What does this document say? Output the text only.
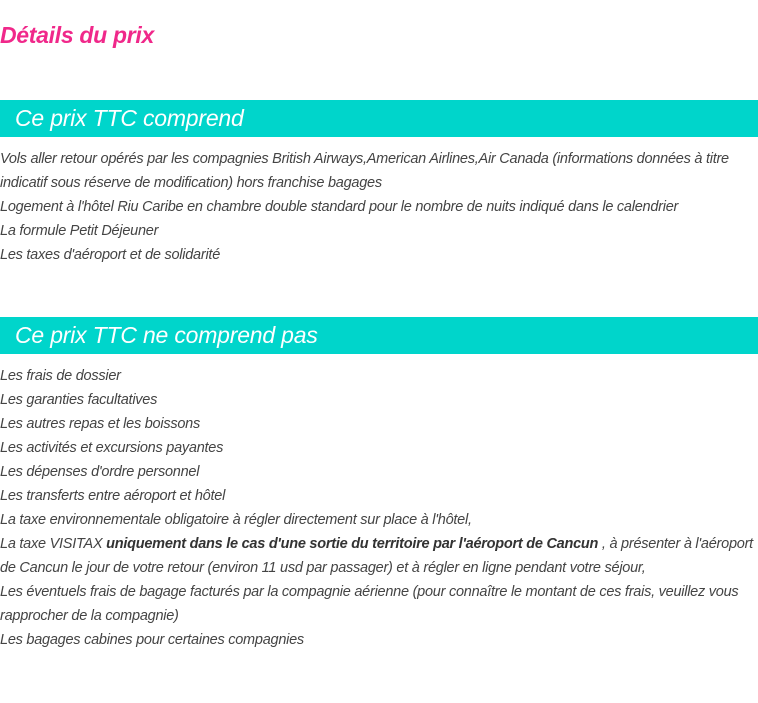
Détails du prix
Ce prix TTC comprend
Vols aller retour opérés par les compagnies British Airways,American Airlines,Air Canada (informations données à titre indicatif sous réserve de modification) hors franchise bagages
Logement à l'hôtel Riu Caribe en chambre double standard pour le nombre de nuits indiqué dans le calendrier
La formule Petit Déjeuner
Les taxes d'aéroport et de solidarité
Ce prix TTC ne comprend pas
Les frais de dossier
Les garanties facultatives
Les autres repas et les boissons
Les activités et excursions payantes
Les dépenses d'ordre personnel
Les transferts entre aéroport et hôtel
La taxe environnementale obligatoire à régler directement sur place à l'hôtel,
La taxe VISITAX uniquement dans le cas d'une sortie du territoire par l'aéroport de Cancun , à présenter à l'aéroport de Cancun le jour de votre retour (environ 11 usd par passager) et à régler en ligne pendant votre séjour,
Les éventuels frais de bagage facturés par la compagnie aérienne (pour connaître le montant de ces frais, veuillez vous rapprocher de la compagnie)
Les bagages cabines pour certaines compagnies
